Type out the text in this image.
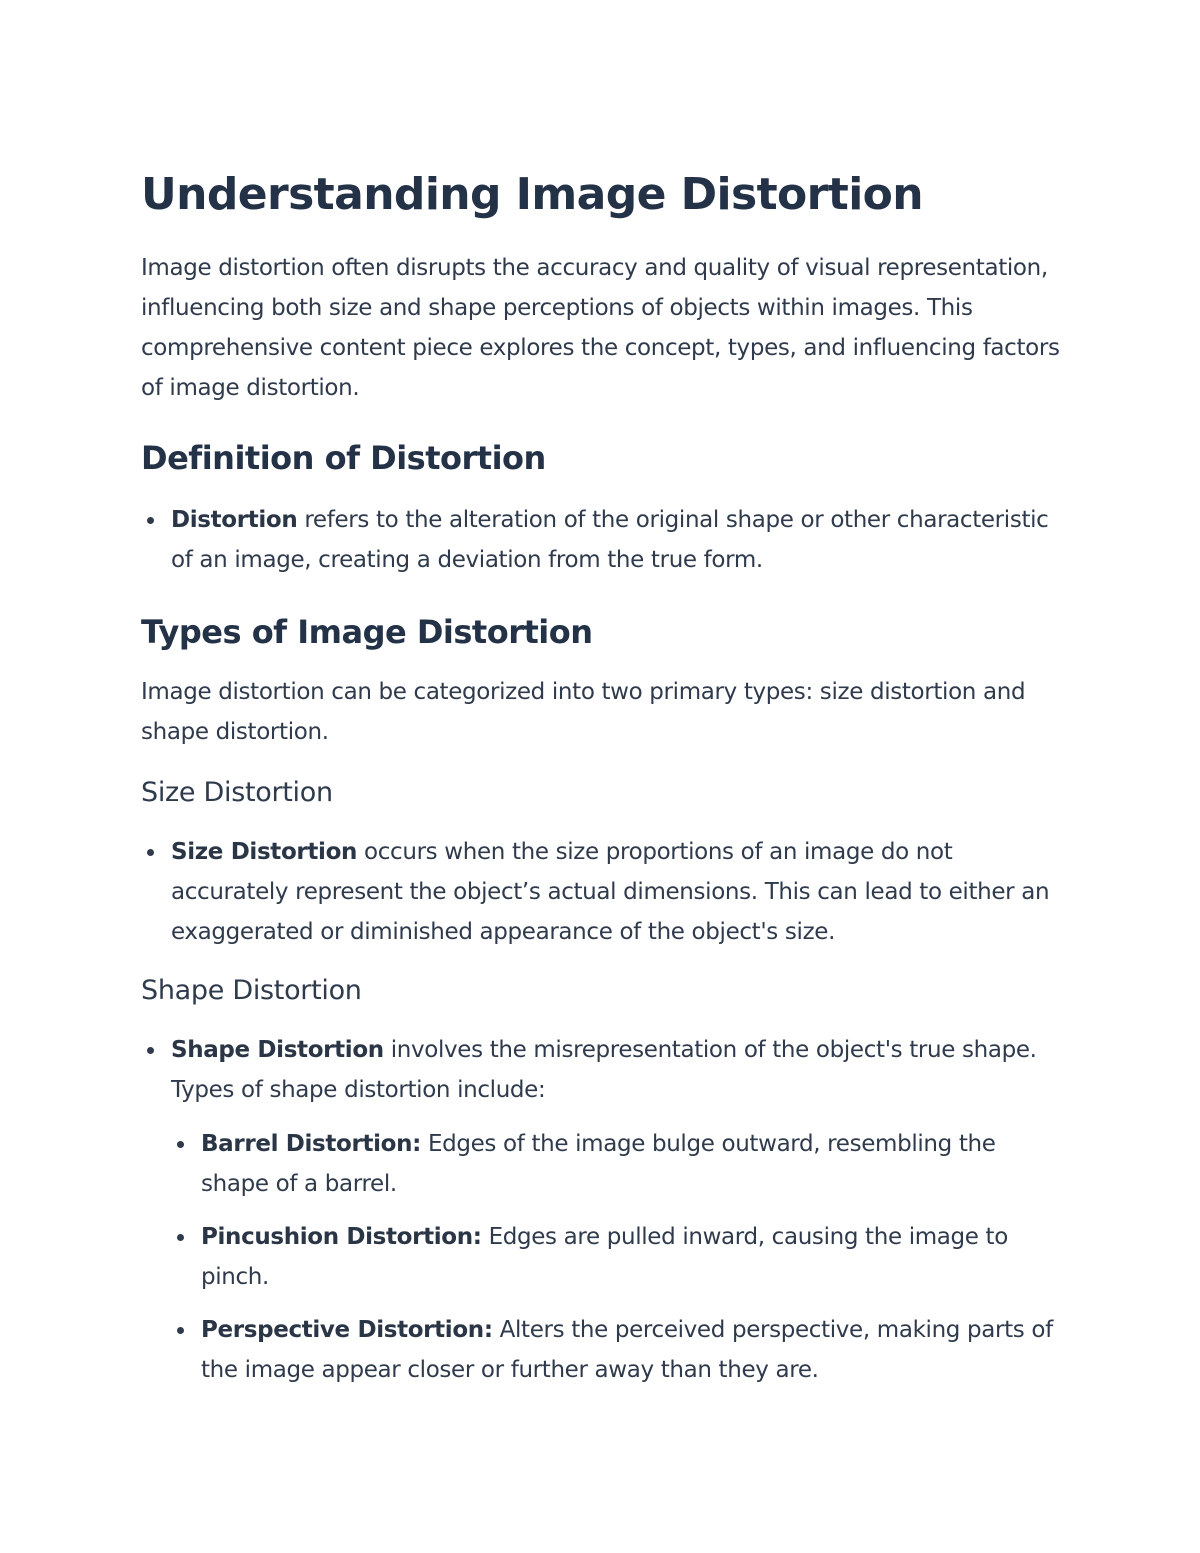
Understanding Image Distortion

Image distortion often disrupts the accuracy and quality of visual representation, influencing both size and shape perceptions of objects within images. This comprehensive content piece explores the concept, types, and influencing factors of image distortion.

Definition of Distortion
Distortion refers to the alteration of the original shape or other characteristic of an image, creating a deviation from the true form.
Types of Image Distortion

Image distortion can be categorized into two primary types: size distortion and shape distortion.

Size Distortion
Size Distortion occurs when the size proportions of an image do not accurately represent the object’s actual dimensions. This can lead to either an exaggerated or diminished appearance of the object's size.
Shape Distortion
Shape Distortion involves the misrepresentation of the object's true shape. Types of shape distortion include:
Barrel Distortion: Edges of the image bulge outward, resembling the shape of a barrel.
Pincushion Distortion: Edges are pulled inward, causing the image to pinch.
Perspective Distortion: Alters the perceived perspective, making parts of the image appear closer or further away than they are.
